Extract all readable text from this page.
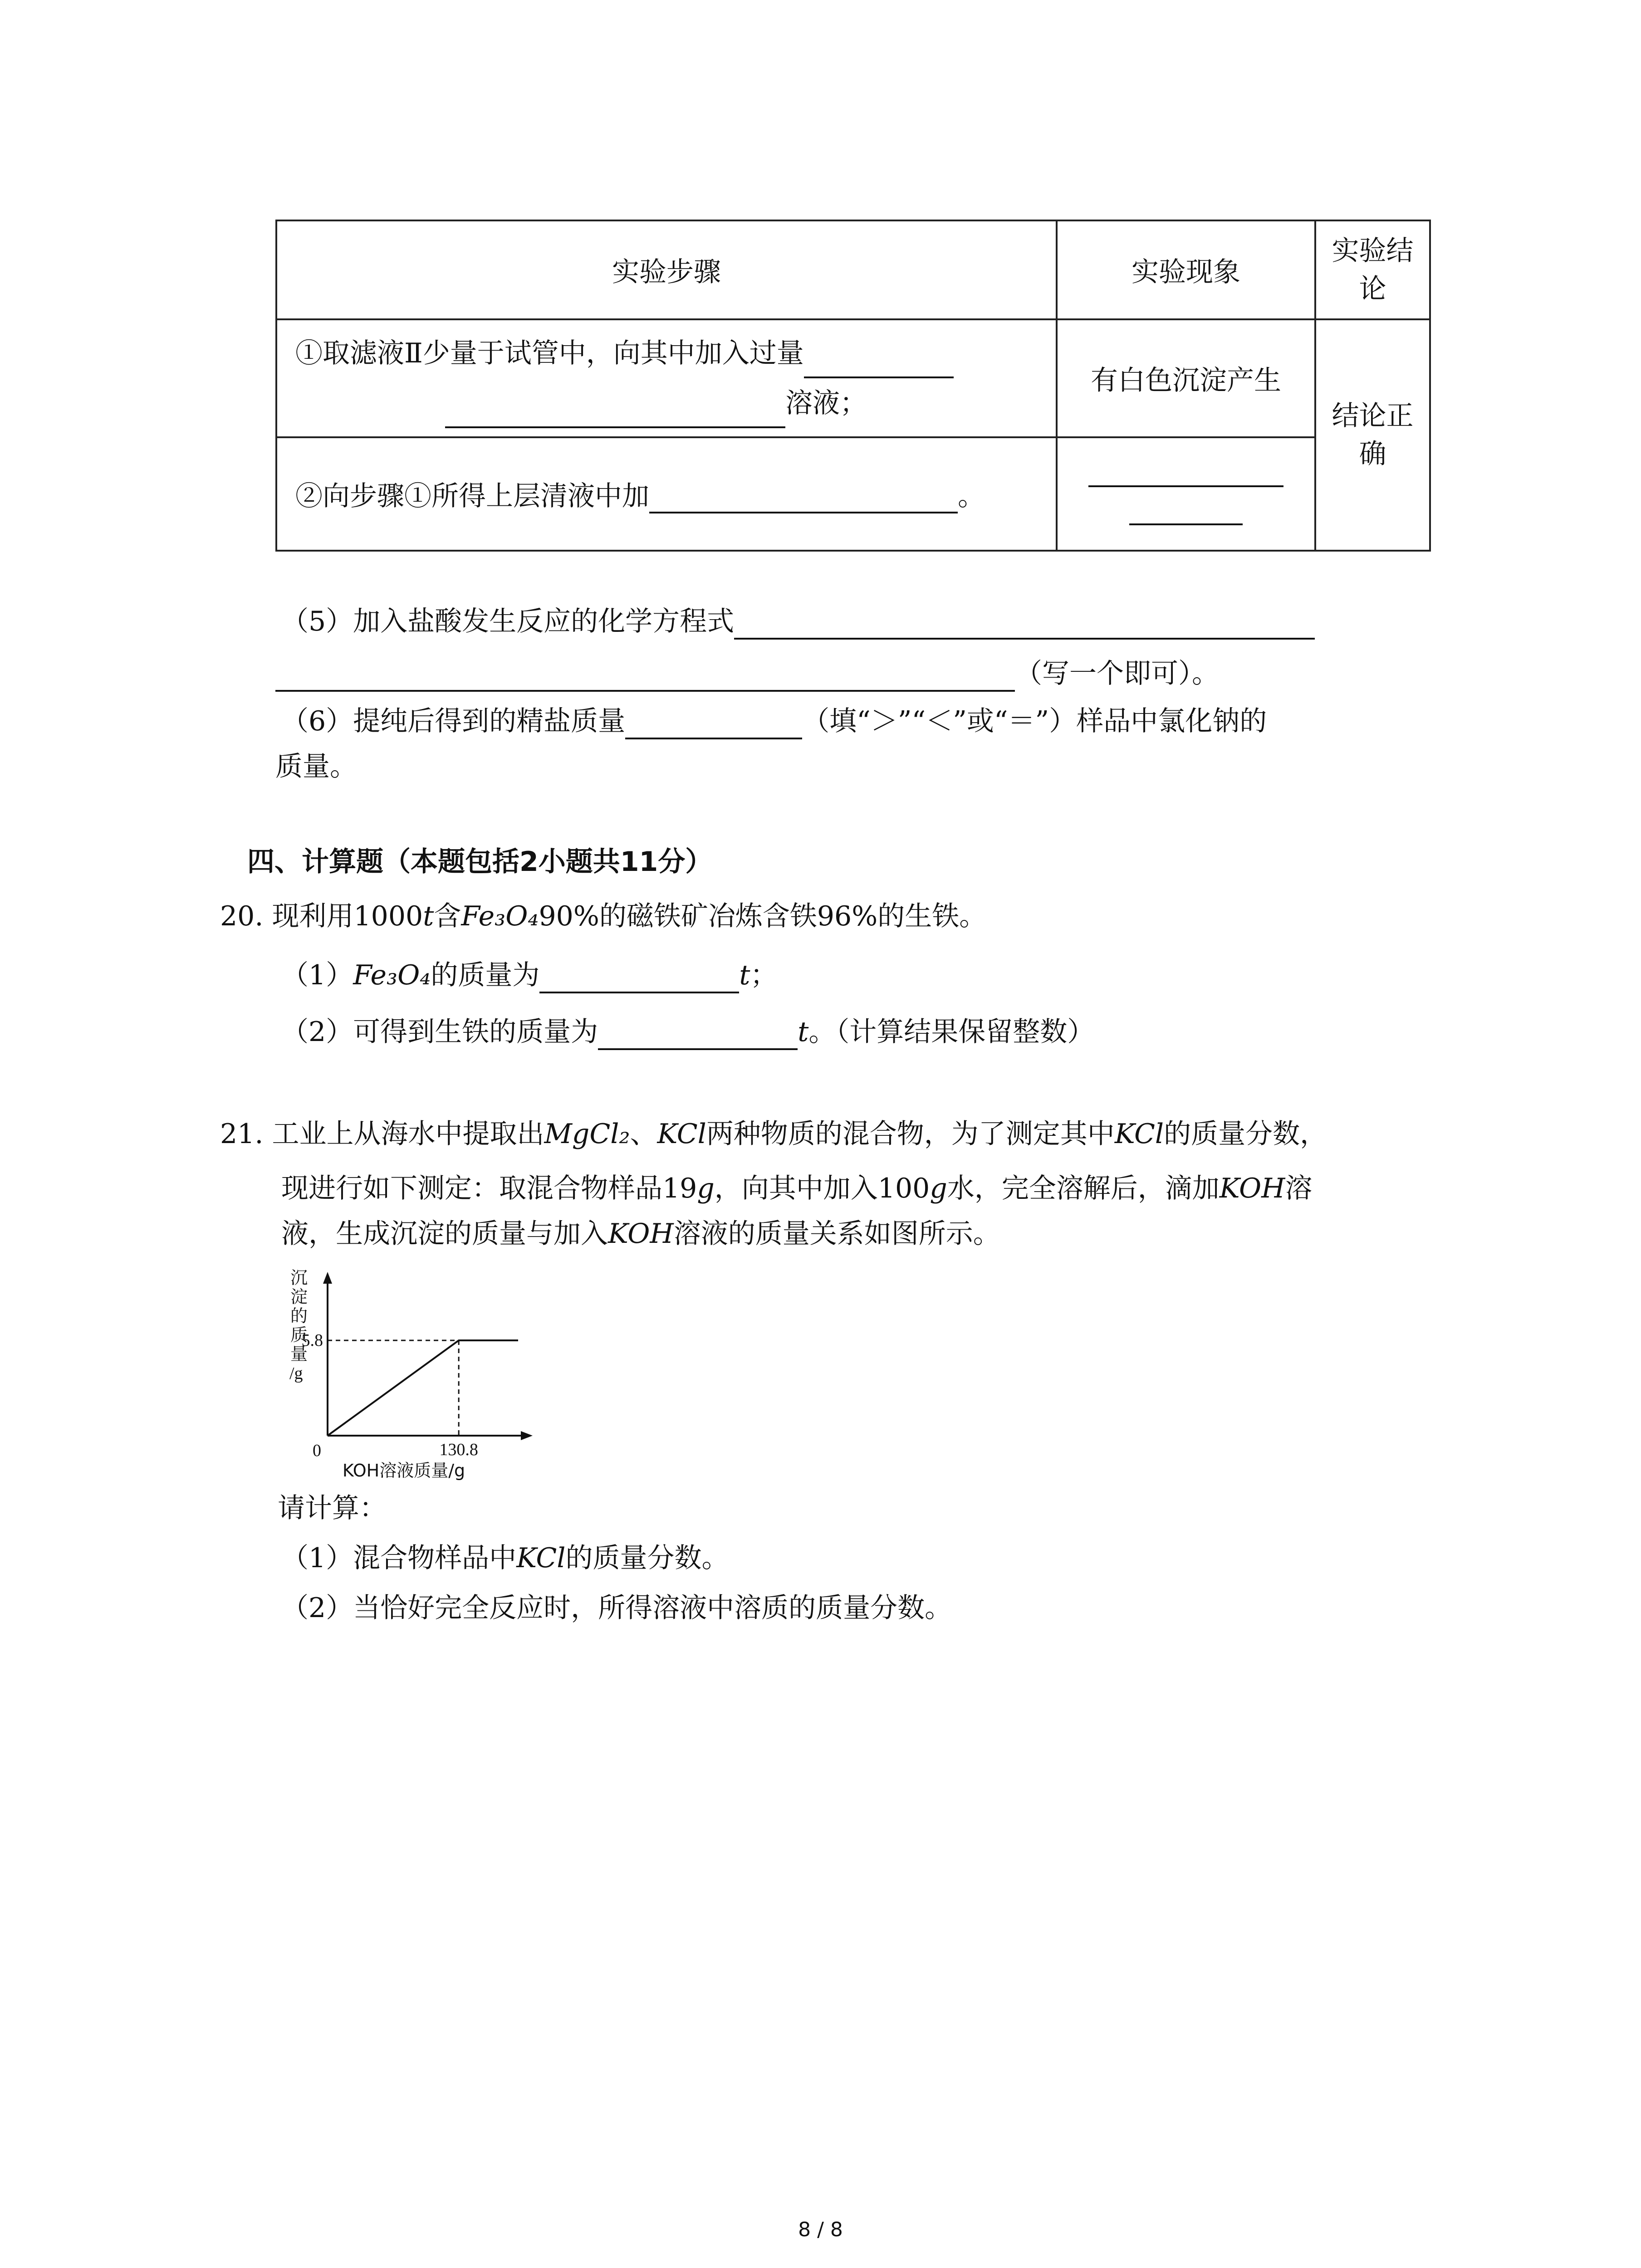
实验步骤	实验现象	实验结论
①取滤液Ⅱ少量于试管中，向其中加入过量
溶液；	有白色沉淀产生	结论正确
②向步骤①所得上层清液中加 。		
（5）加入盐酸发生反应的化学方程式
（写一个即可）。
（6）提纯后得到的精盐质量	（填“＞”“＜”或“＝”）样品中氯化钠的
质量。
四、计算题（本题包括2小题共11分）
20. 现利用1000t含Fe₃O₄90%的磁铁矿冶炼含铁96%的生铁。
（1）Fe₃O₄的质量为	t；
（2）可得到生铁的质量为	t。（计算结果保留整数）
21. 工业上从海水中提取出MgCl₂、KCl两种物质的混合物，为了测定其中KCl的质量分数，
现进行如下测定：取混合物样品19g，向其中加入100g水，完全溶解后，滴加KOH溶
液，生成沉淀的质量与加入KOH溶液的质量关系如图所示。
沉
淀
的
质
量
/g
5.8
130.8
0
KOH溶液质量/g
请计算：
（1）混合物样品中KCl的质量分数。
（2）当恰好完全反应时，所得溶液中溶质的质量分数。
8 / 8
